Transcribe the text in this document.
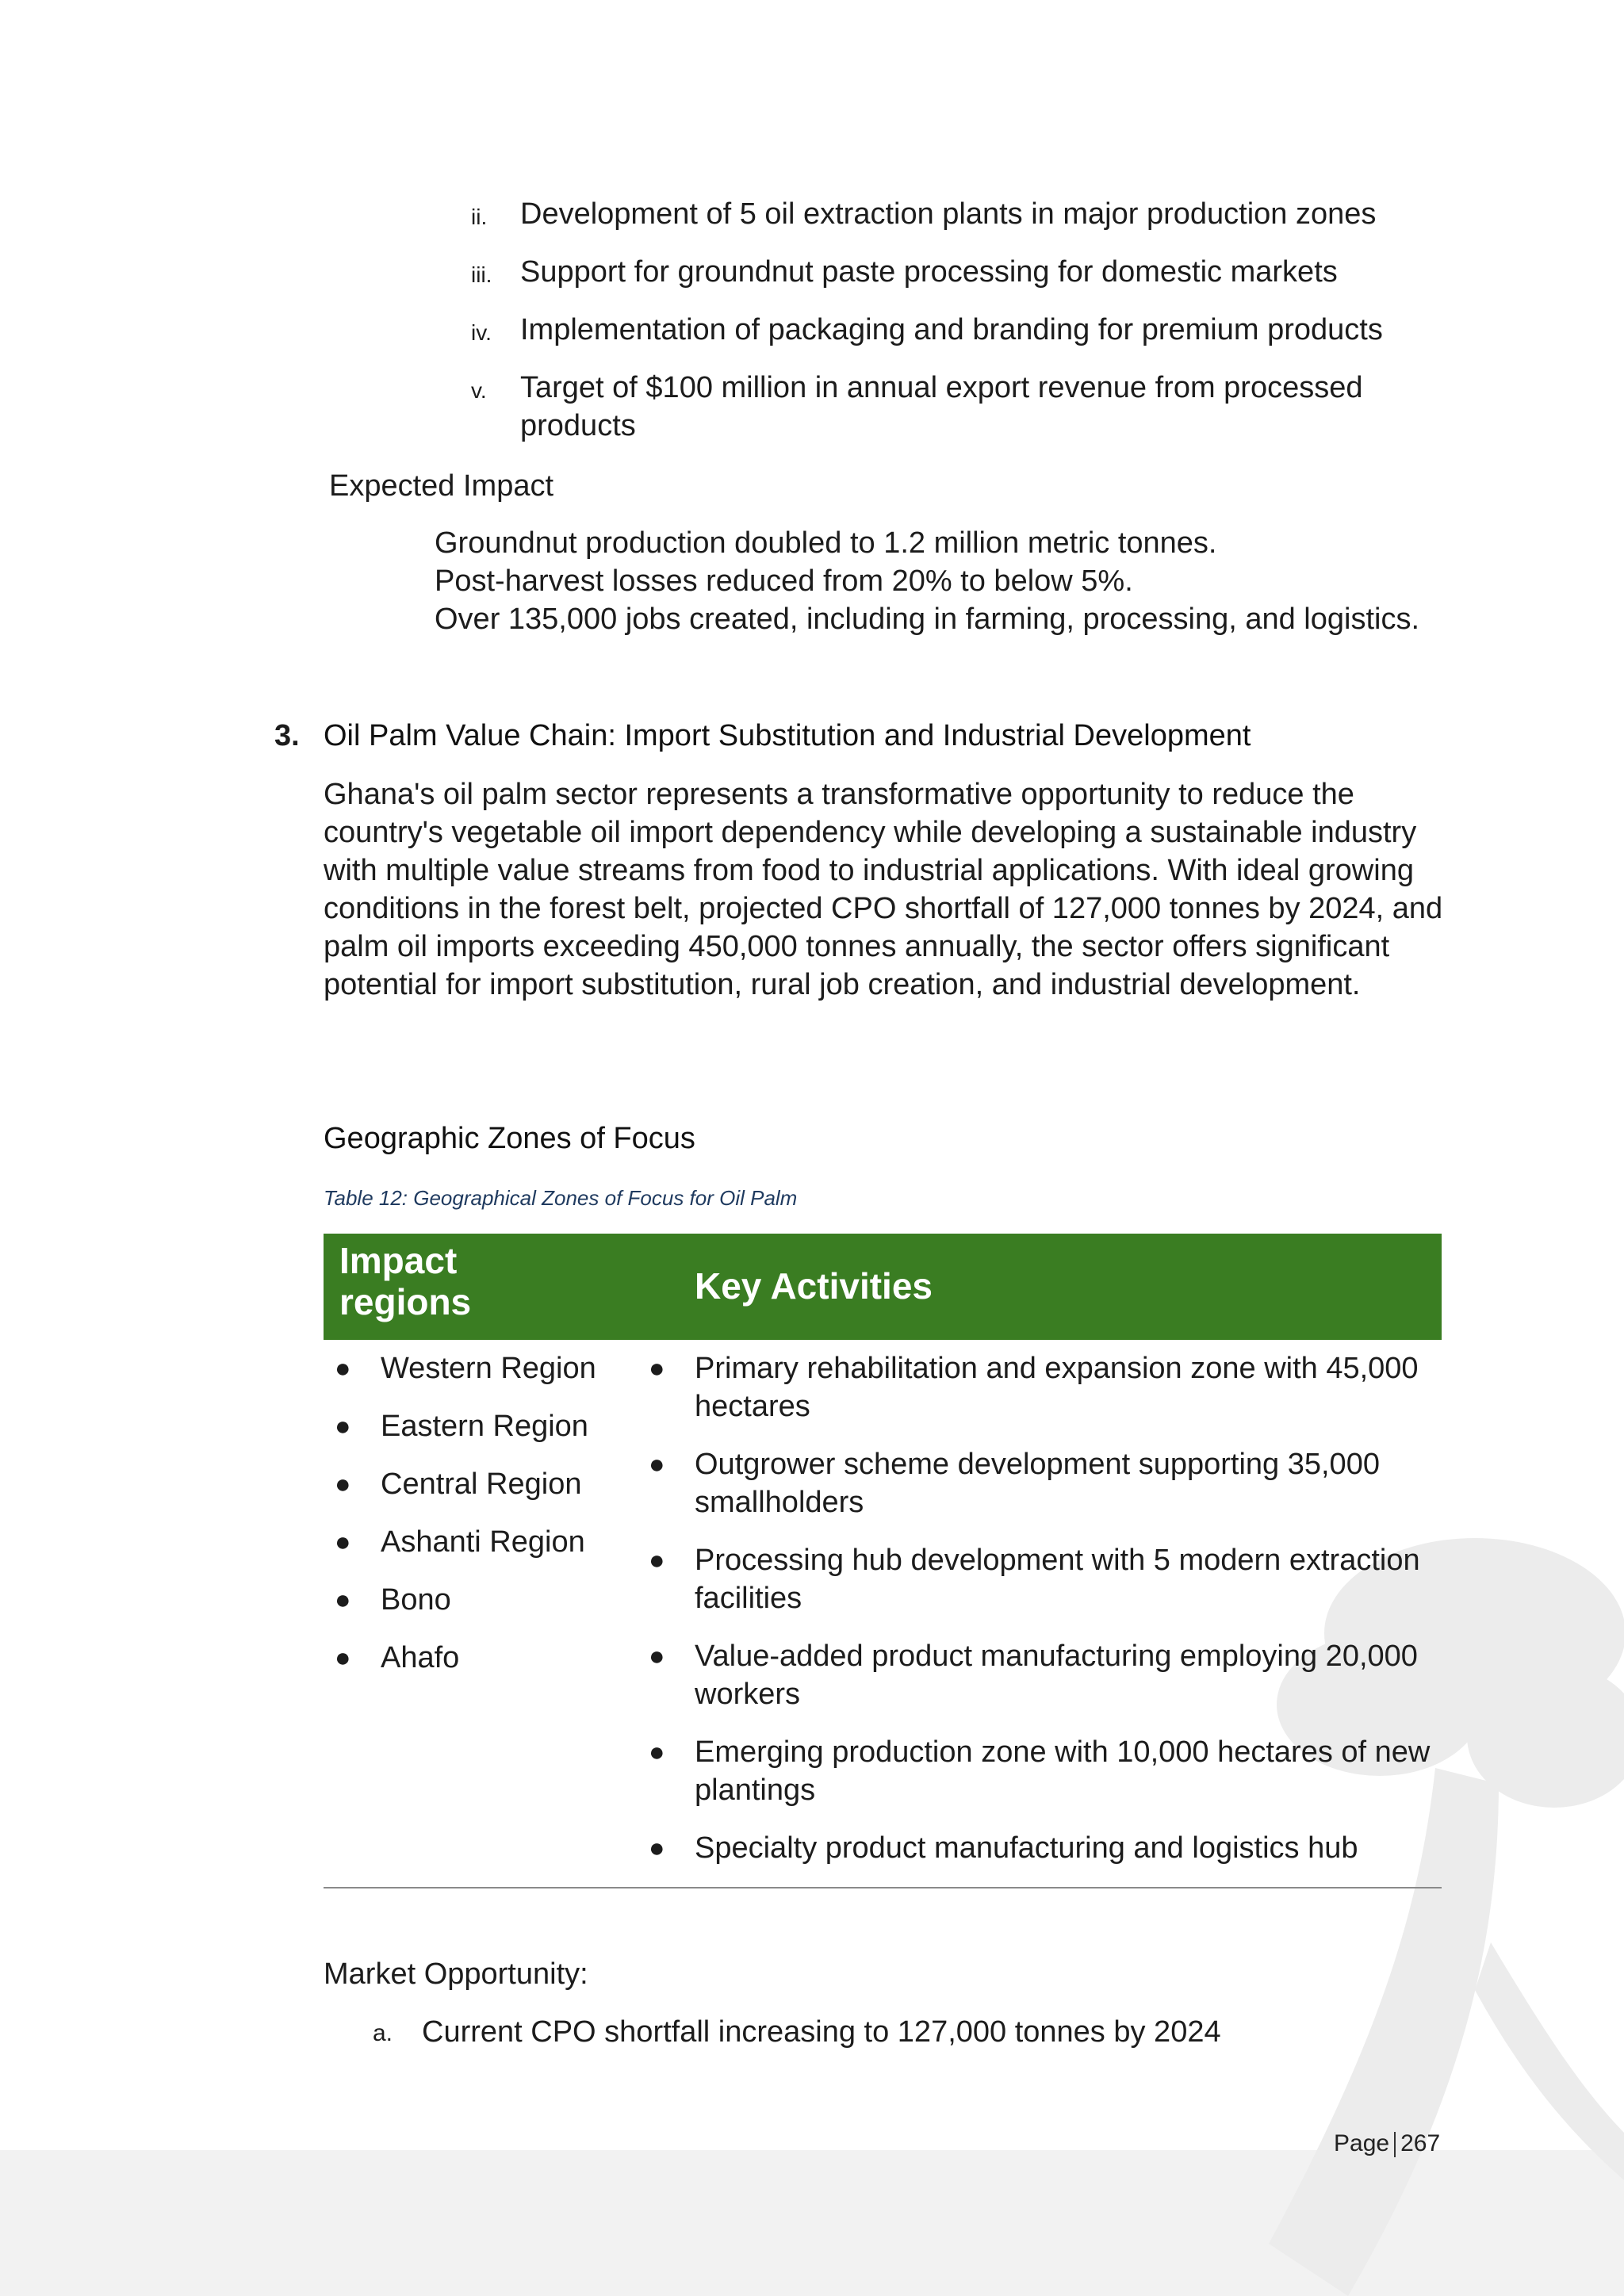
ii. Development of 5 oil extraction plants in major production zones
iii. Support for groundnut paste processing for domestic markets
iv. Implementation of packaging and branding for premium products
v. Target of $100 million in annual export revenue from processed products
Expected Impact
Groundnut production doubled to 1.2 million metric tonnes.
Post-harvest losses reduced from 20% to below 5%.
Over 135,000 jobs created, including in farming, processing, and logistics.
3. Oil Palm Value Chain: Import Substitution and Industrial Development
Ghana's oil palm sector represents a transformative opportunity to reduce the country's vegetable oil import dependency while developing a sustainable industry with multiple value streams from food to industrial applications. With ideal growing conditions in the forest belt, projected CPO shortfall of 127,000 tonnes by 2024, and palm oil imports exceeding 450,000 tonnes annually, the sector offers significant potential for import substitution, rural job creation, and industrial development.
Geographic Zones of Focus
Table 12: Geographical Zones of Focus for Oil Palm
Impact regions	Key Activities
● Western Region
● Eastern Region
● Central Region
● Ashanti Region
● Bono
● Ahafo
● Primary rehabilitation and expansion zone with 45,000 hectares
● Outgrower scheme development supporting 35,000 smallholders
● Processing hub development with 5 modern extraction facilities
● Value-added product manufacturing employing 20,000 workers
● Emerging production zone with 10,000 hectares of new plantings
● Specialty product manufacturing and logistics hub
Market Opportunity:
a. Current CPO shortfall increasing to 127,000 tonnes by 2024
Page 267
